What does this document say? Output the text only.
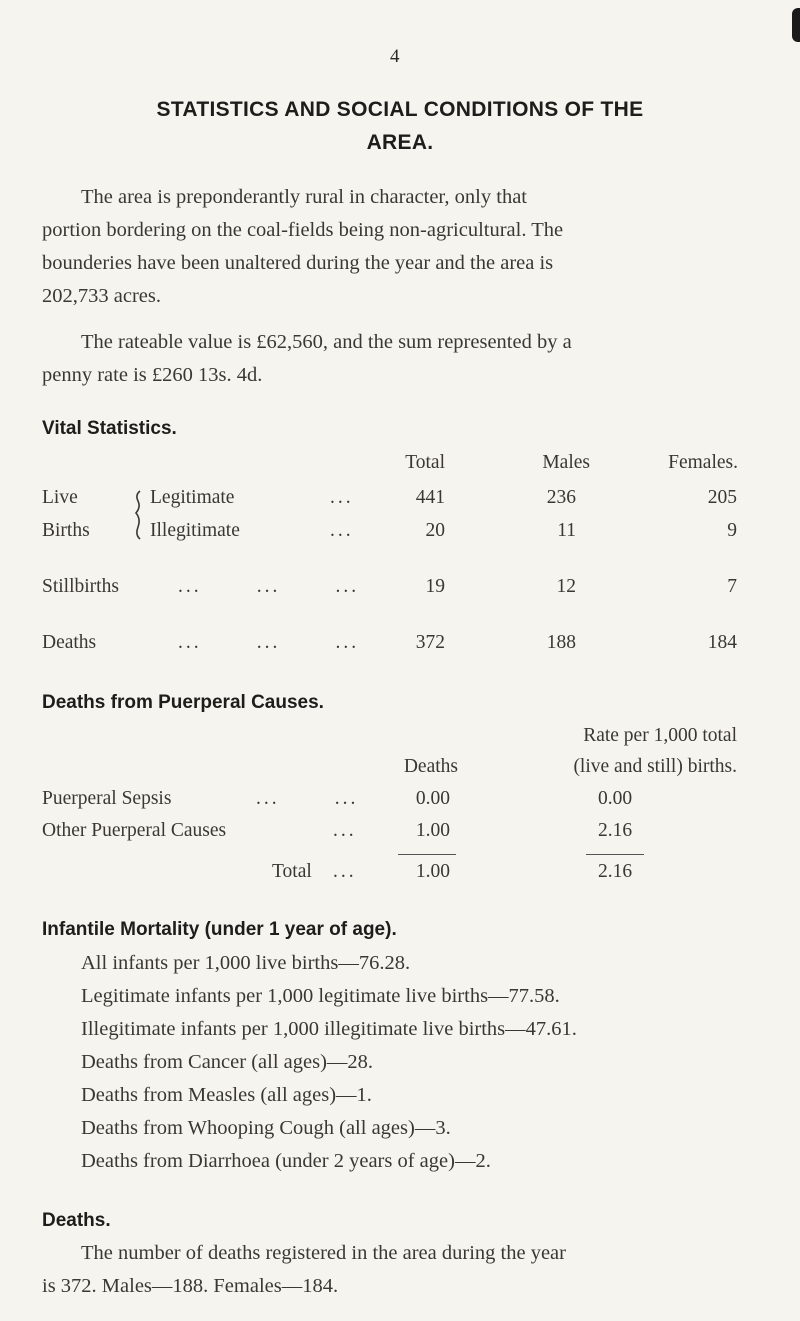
4
STATISTICS AND SOCIAL CONDITIONS OF THE
AREA.
The area is preponderantly rural in character, only that
portion bordering on the coal-fields being non-agricultural. The
bounderies have been unaltered during the year and the area is
202,733 acres.
The rateable value is £62,560, and the sum represented by a
penny rate is £260 13s. 4d.
Vital Statistics.
Total	Males	Females.
Live
Births
Legitimate	...	441	236	205
Illegitimate	...	20	11	9
Stillbirths	...       ...       ...	19	12	7
Deaths	...       ...       ...	372	188	184
Deaths from Puerperal Causes.
Rate per 1,000 total
Deaths	(live and still) births.
Puerperal Sepsis	...       ...	0.00	0.00
Other Puerperal Causes	...	1.00	2.16
Total ...	1.00	2.16
Infantile Mortality (under 1 year of age).
All infants per 1,000 live births—76.28.
Legitimate infants per 1,000 legitimate live births—77.58.
Illegitimate infants per 1,000 illegitimate live births—47.61.
Deaths from Cancer (all ages)—28.
Deaths from Measles (all ages)—1.
Deaths from Whooping Cough (all ages)—3.
Deaths from Diarrhoea (under 2 years of age)—2.
Deaths.
The number of deaths registered in the area during the year
is 372. Males—188. Females—184.
